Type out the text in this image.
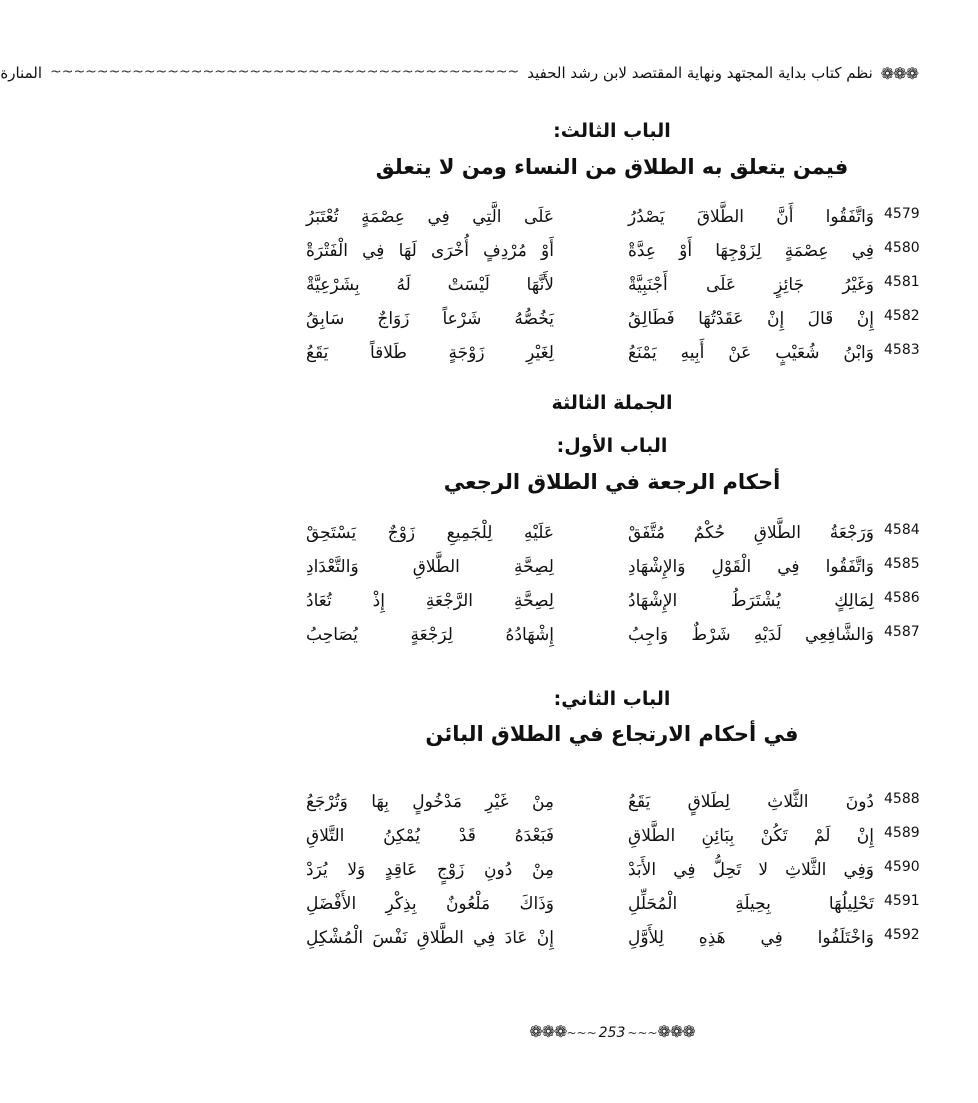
❁❁❁
نظم كتاب بداية المجتهد ونهاية المقتصد لابن رشد الحفيد
~~~~~~~~~~~~~~~~~~~~~~~~~~~~~~~~~~~~~~~~
المنارة
الباب الثالث:
فيمن يتعلق به الطلاق من النساء ومن لا يتعلق
4579
وَاتَّفَقُوا أَنَّ الطَّلاقَ يَصْدُرُ
عَلَى الَّتِي فِي عِصْمَةٍ تُعْتَبَرُ
4580
فِي عِصْمَةٍ لِزَوْجِهَا أَوْ عِدَّةْ
أَوْ مُرْدِفٍ أُخْرَى لَهَا فِي الْفَتْرَةْ
4581
وَغَيْرُ جَائِزٍ عَلَى أَجْنَبِيَّةْ
لأَنَّهَا لَيْسَتْ لَهُ بِشَرْعِيَّةْ
4582
إِنْ قَالَ إِنْ عَقَدْتُهَا فَطَالِقُ
يَخُصُّهُ شَرْعاً زَوَاجٌ سَابِقُ
4583
وَابْنُ شُعَيْبٍ عَنْ أَبِيهِ يَمْنَعُ
لِغَيْرِ زَوْجَةٍ طَلاقاً يَقَعُ
الجملة الثالثة
الباب الأول:
أحكام الرجعة في الطلاق الرجعي
4584
وَرَجْعَةُ الطَّلاقِ حُكْمٌ مُتَّفَقْ
عَلَيْهِ لِلْجَمِيعِ زَوْجٌ يَسْتَحِقْ
4585
وَاتَّفَقُوا فِي الْقَوْلِ وَالإِشْهَادِ
لِصِحَّةِ الطَّلاقِ وَالتَّعْدَادِ
4586
لِمَالِكٍ يُشْتَرَطُ الإِشْهَادُ
لِصِحَّةِ الرَّجْعَةِ إِذْ تُعَادُ
4587
وَالشَّافِعِي لَدَيْهِ شَرْطٌ وَاجِبُ
إِشْهَادُهُ لِرَجْعَةٍ يُصَاحِبُ
الباب الثاني:
في أحكام الارتجاع في الطلاق البائن
4588
دُونَ الثَّلاثِ لِطَلاقٍ يَقَعُ
مِنْ غَيْرِ مَدْخُولٍ بِهَا وَتُرْجَعُ
4589
إِنْ لَمْ تَكُنْ بِبَائِنِ الطَّلاقِ
فَبَعْدَهُ قَدْ يُمْكِنُ التَّلاقِ
4590
وَفِي الثَّلاثِ لا تَحِلُّ فِي الأَبَدْ
مِنْ دُونِ زَوْجٍ عَاقِدٍ وَلا يُرَدْ
4591
تَحْلِيلُهَا بِحِيلَةِ الْمُحَلِّلِ
وَذَاكَ مَلْعُونٌ بِذِكْرِ الأَفْضَلِ
4592
وَاخْتَلَفُوا فِي هَذِهِ لِلأَوَّلِ
إِنْ عَادَ فِي الطَّلاقِ نَفْسَ الْمُشْكِلِ
❁❁❁~~~ 253 ~~~❁❁❁
